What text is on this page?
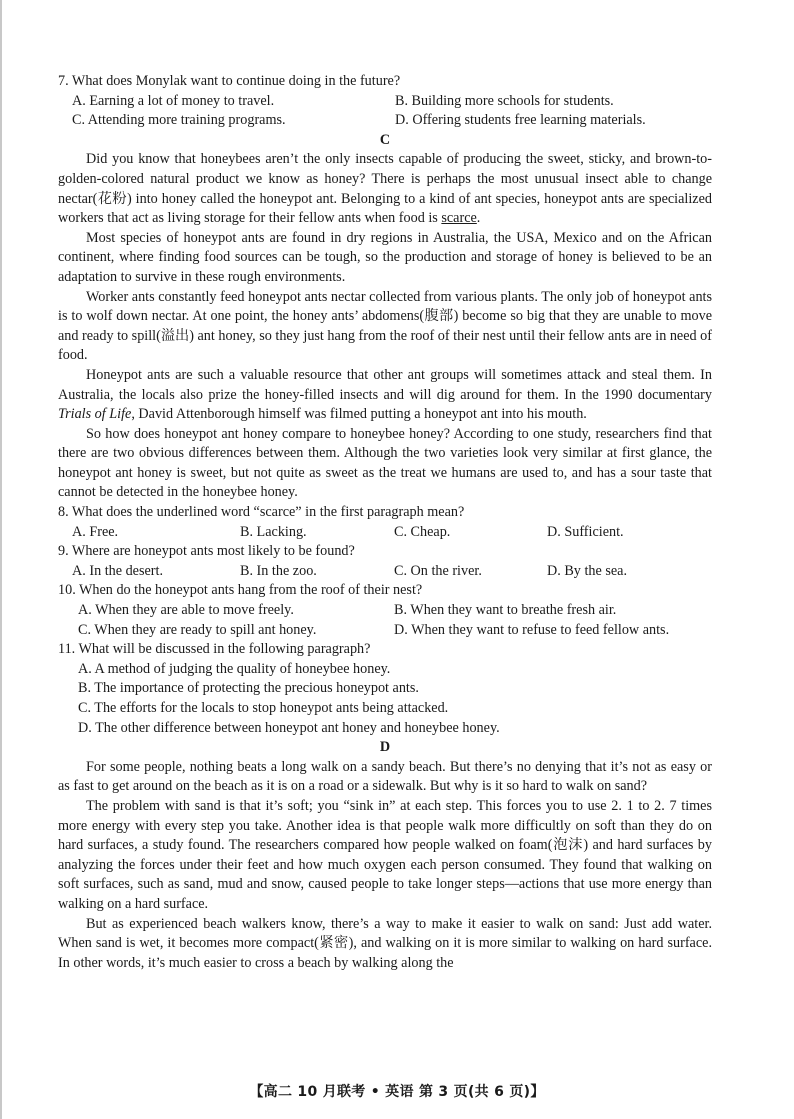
7. What does Monylak want to continue doing in the future?

A. Earning a lot of money to travel.	B. Building more schools for students.
C. Attending more training programs.	D. Offering students free learning materials.
C

Did you know that honeybees aren’t the only insects capable of producing the sweet, sticky, and brown-to-golden-colored natural product we know as honey? There is perhaps the most unusual insect able to change nectar(花粉) into honey called the honeypot ant. Belonging to a kind of ant species, honeypot ants are specialized workers that act as living storage for their fellow ants when food is scarce.

Most species of honeypot ants are found in dry regions in Australia, the USA, Mexico and on the African continent, where finding food sources can be tough, so the production and storage of honey is believed to be an adaptation to survive in these rough environments.

Worker ants constantly feed honeypot ants nectar collected from various plants. The only job of honeypot ants is to wolf down nectar. At one point, the honey ants’ abdomens(腹部) become so big that they are unable to move and ready to spill(溢出) ant honey, so they just hang from the roof of their nest until their fellow ants are in need of food.

Honeypot ants are such a valuable resource that other ant groups will sometimes attack and steal them. In Australia, the locals also prize the honey-filled insects and will dig around for them. In the 1990 documentary Trials of Life, David Attenborough himself was filmed putting a honeypot ant into his mouth.

So how does honeypot ant honey compare to honeybee honey? According to one study, researchers find that there are two obvious differences between them. Although the two varieties look very similar at first glance, the honeypot ant honey is sweet, but not quite as sweet as the treat we humans are used to, and has a sour taste that cannot be detected in the honeybee honey.

8. What does the underlined word “scarce” in the first paragraph mean?

A. Free.	B. Lacking.	C. Cheap.	D. Sufficient.

9. Where are honeypot ants most likely to be found?

A. In the desert.	B. In the zoo.	C. On the river.	D. By the sea.

10. When do the honeypot ants hang from the roof of their nest?

A. When they are able to move freely.	B. When they want to breathe fresh air.
C. When they are ready to spill ant honey.	D. When they want to refuse to feed fellow ants.

11. What will be discussed in the following paragraph?

A. A method of judging the quality of honeybee honey.
B. The importance of protecting the precious honeypot ants.
C. The efforts for the locals to stop honeypot ants being attacked.
D. The other difference between honeypot ant honey and honeybee honey.
D

For some people, nothing beats a long walk on a sandy beach. But there’s no denying that it’s not as easy or as fast to get around on the beach as it is on a road or a sidewalk. But why is it so hard to walk on sand?

The problem with sand is that it’s soft; you “sink in” at each step. This forces you to use 2. 1 to 2. 7 times more energy with every step you take. Another idea is that people walk more difficultly on soft than they do on hard surfaces, a study found. The researchers compared how people walked on foam(泡沫) and hard surfaces by analyzing the forces under their feet and how much oxygen each person consumed. They found that walking on soft surfaces, such as sand, mud and snow, caused people to take longer steps—actions that use more energy than walking on a hard surface.

But as experienced beach walkers know, there’s a way to make it easier to walk on sand: Just add water. When sand is wet, it becomes more compact(紧密), and walking on it is more similar to walking on hard surface. In other words, it’s much easier to cross a beach by walking along the

【高二 10 月联考 • 英语 第 3 页(共 6 页)】
